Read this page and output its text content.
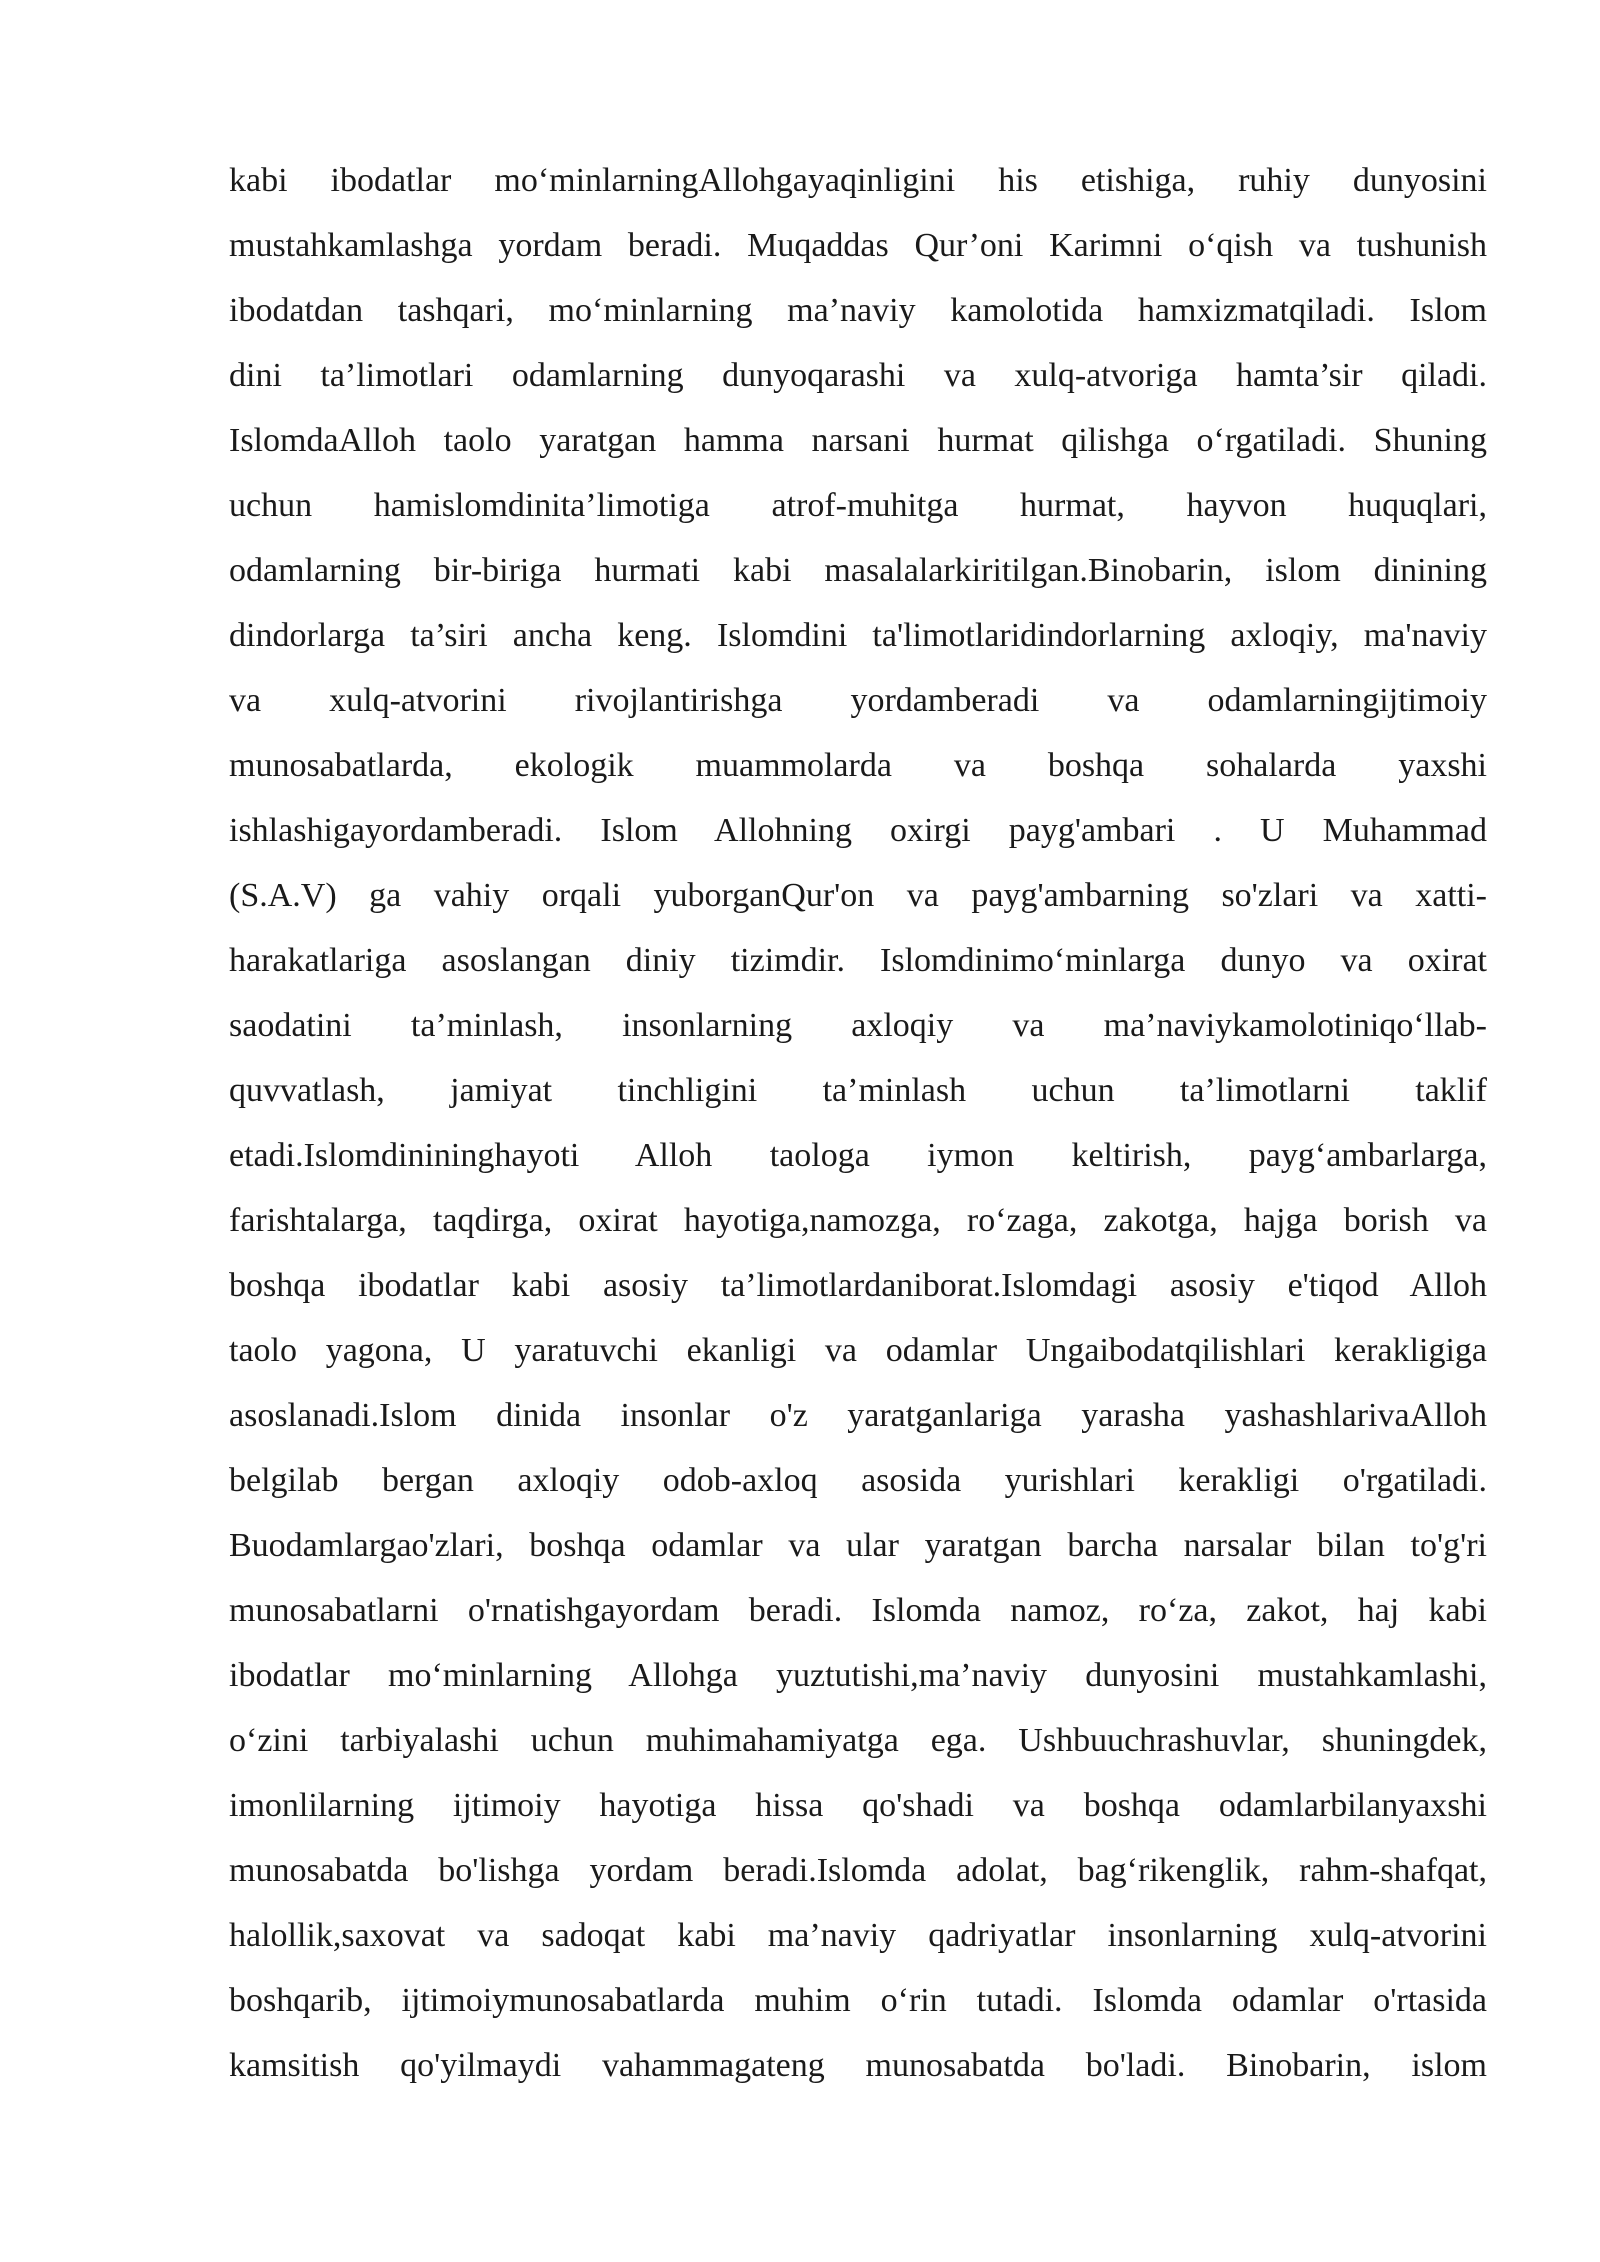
kabi ibodatlar mo‘minlarningAllohgayaqinligini his etishiga, ruhiy dunyosini
mustahkamlashga yordam beradi. Muqaddas Qur’oni Karimni o‘qish va tushunish
ibodatdan tashqari, mo‘minlarning ma’naviy kamolotida hamxizmatqiladi. Islom
dini ta’limotlari odamlarning dunyoqarashi va xulq-atvoriga hamta’sir qiladi.
IslomdaAlloh taolo yaratgan hamma narsani hurmat qilishga o‘rgatiladi. Shuning
uchun hamislomdinita’limotiga atrof-muhitga hurmat, hayvon huquqlari,
odamlarning bir-biriga hurmati kabi masalalarkiritilgan.Binobarin, islom dinining
dindorlarga ta’siri ancha keng. Islomdini ta'limotlaridindorlarning axloqiy, ma'naviy
va xulq-atvorini rivojlantirishga yordamberadi va odamlarningijtimoiy
munosabatlarda, ekologik muammolarda va boshqa sohalarda yaxshi
ishlashigayordamberadi. Islom Allohning oxirgi payg'ambari . U Muhammad
(S.A.V) ga vahiy orqali yuborganQur'on va payg'ambarning so'zlari va xatti-
harakatlariga asoslangan diniy tizimdir. Islomdinimo‘minlarga dunyo va oxirat
saodatini ta’minlash, insonlarning axloqiy va ma’naviykamolotiniqo‘llab-
quvvatlash, jamiyat tinchligini ta’minlash uchun ta’limotlarni taklif
etadi.Islomdinininghayoti Alloh taologa iymon keltirish, payg‘ambarlarga,
farishtalarga, taqdirga, oxirat hayotiga,namozga, ro‘zaga, zakotga, hajga borish va
boshqa ibodatlar kabi asosiy ta’limotlardaniborat.Islomdagi asosiy e'tiqod Alloh
taolo yagona, U yaratuvchi ekanligi va odamlar Ungaibodatqilishlari kerakligiga
asoslanadi.Islom dinida insonlar o'z yaratganlariga yarasha yashashlarivaAlloh
belgilab bergan axloqiy odob-axloq asosida yurishlari kerakligi o'rgatiladi.
Buodamlargao'zlari, boshqa odamlar va ular yaratgan barcha narsalar bilan to'g'ri
munosabatlarni o'rnatishgayordam beradi. Islomda namoz, ro‘za, zakot, haj kabi
ibodatlar mo‘minlarning Allohga yuztutishi,ma’naviy dunyosini mustahkamlashi,
o‘zini tarbiyalashi uchun muhimahamiyatga ega. Ushbuuchrashuvlar, shuningdek,
imonlilarning ijtimoiy hayotiga hissa qo'shadi va boshqa odamlarbilanyaxshi
munosabatda bo'lishga yordam beradi.Islomda adolat, bag‘rikenglik, rahm-shafqat,
halollik,saxovat va sadoqat kabi ma’naviy qadriyatlar insonlarning xulq-atvorini
boshqarib, ijtimoiymunosabatlarda muhim o‘rin tutadi. Islomda odamlar o'rtasida
kamsitish qo'yilmaydi vahammagateng munosabatda bo'ladi. Binobarin, islom
